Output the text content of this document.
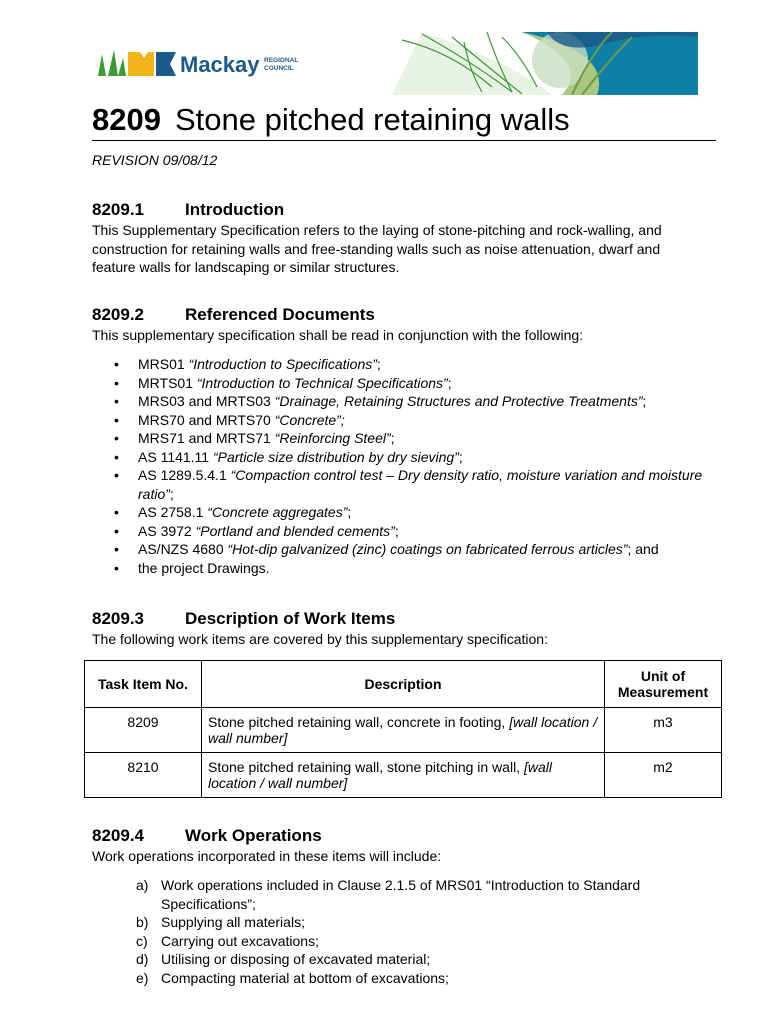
Mackay REGIONAL
COUNCIL
8209 Stone pitched retaining walls
REVISION 09/08/12
8209.1 Introduction
This Supplementary Specification refers to the laying of stone-pitching and rock-walling, and construction for retaining walls and free-standing walls such as noise attenuation, dwarf and feature walls for landscaping or similar structures.
8209.2 Referenced Documents
This supplementary specification shall be read in conjunction with the following:
• MRS01 “Introduction to Specifications”;
• MRTS01 “Introduction to Technical Specifications”;
• MRS03 and MRTS03 “Drainage, Retaining Structures and Protective Treatments”;
• MRS70 and MRTS70 “Concrete”;
• MRS71 and MRTS71 “Reinforcing Steel”;
• AS 1141.11 “Particle size distribution by dry sieving”;
• AS 1289.5.4.1 “Compaction control test – Dry density ratio, moisture variation and moisture ratio”;
• AS 2758.1 “Concrete aggregates”;
• AS 3972 “Portland and blended cements”;
• AS/NZS 4680 “Hot-dip galvanized (zinc) coatings on fabricated ferrous articles”; and
• the project Drawings.
8209.3 Description of Work Items
The following work items are covered by this supplementary specification:
Task Item No.	Description	Unit of Measurement
8209	Stone pitched retaining wall, concrete in footing, [wall location / wall number]	m3
8210	Stone pitched retaining wall, stone pitching in wall, [wall location / wall number]	m2
8209.4 Work Operations
Work operations incorporated in these items will include:
a) Work operations included in Clause 2.1.5 of MRS01 “Introduction to Standard Specifications”;
b) Supplying all materials;
c) Carrying out excavations;
d) Utilising or disposing of excavated material;
e) Compacting material at bottom of excavations;
